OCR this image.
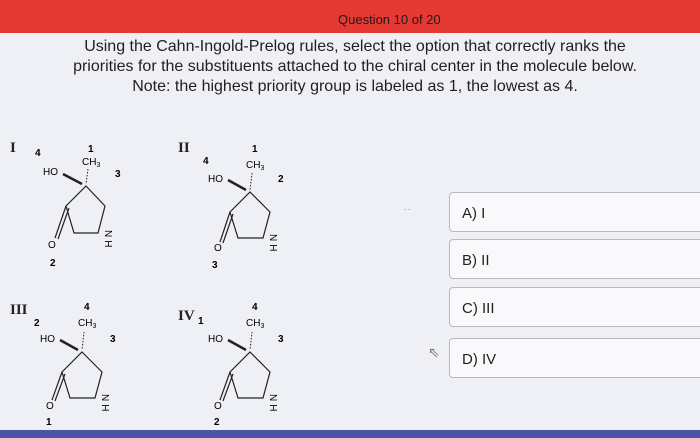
Question 10 of 20
Using the Cahn-Ingold-Prelog rules, select the option that correctly ranks the
priorities for the substituents attached to the chiral center in the molecule below.
Note: the highest priority group is labeled as 1, the lowest as 4.
I 4
HO
1
$CH_3$
3
O
2
NH
II
4
HO
1
$CH_3$
2
O
3
NH
III
2
HO
4
$CH_3$
3
O
1
NH
IV 1
HO
4
$CH_3$
3
O
2
NH
..	A) I
B) II
C) III
D) IV
⇖
